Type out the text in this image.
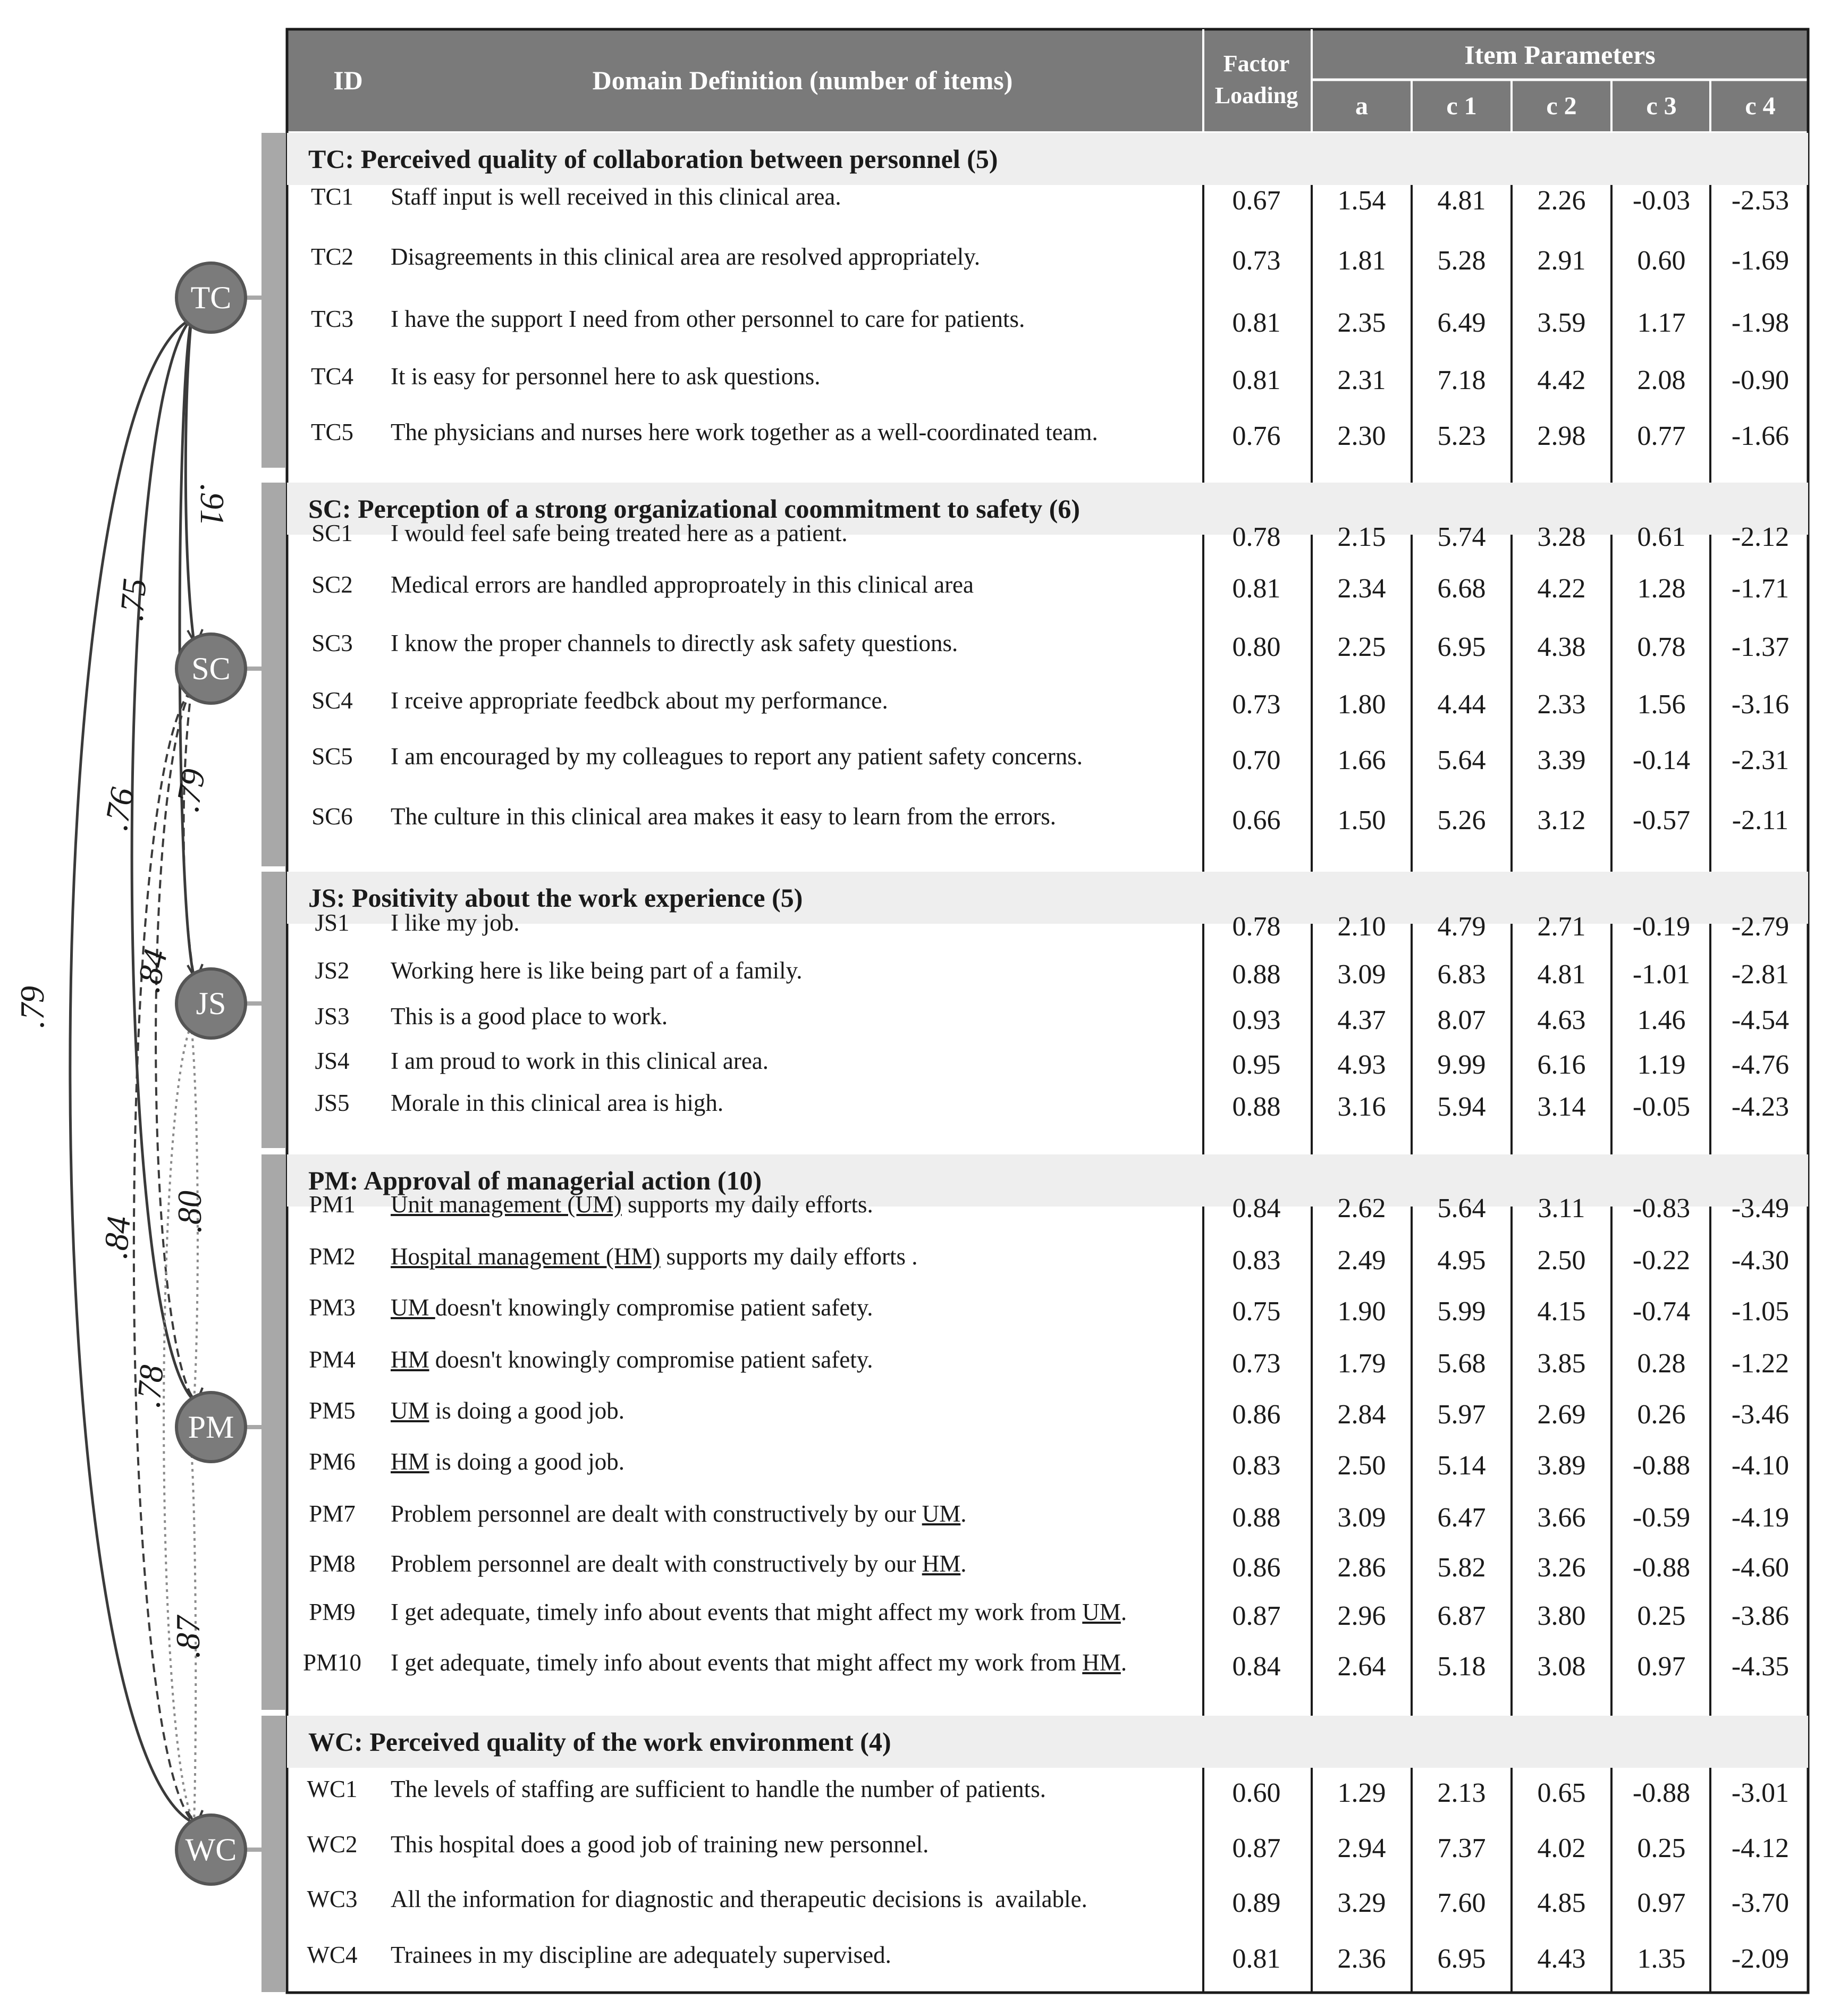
.91
.75
.76
.79
.79
.84
.84
.80
.78
.87
TC
SC
JS
PM
WC
ID	Domain Definition (number of items)
Factor Loading
Item Parameters
a	c 1	c 2	c 3	c 4
TC: Perceived quality of collaboration between personnel (5)
TC1	Staff input is well received in this clinical area.	0.67	1.54	4.81	2.26	-0.03	-2.53
TC2	Disagreements in this clinical area are resolved appropriately.	0.73	1.81	5.28	2.91	0.60	-1.69
TC3	I have the support I need from other personnel to care for patients.	0.81	2.35	6.49	3.59	1.17	-1.98
TC4	It is easy for personnel here to ask questions.	0.81	2.31	7.18	4.42	2.08	-0.90
TC5	The physicians and nurses here work together as a well-coordinated team.	0.76	2.30	5.23	2.98	0.77	-1.66
SC: Perception of a strong organizational coommitment to safety (6)
SC1	I would feel safe being treated here as a patient.	0.78	2.15	5.74	3.28	0.61	-2.12
SC2	Medical errors are handled approproately in this clinical area	0.81	2.34	6.68	4.22	1.28	-1.71
SC3	I know the proper channels to directly ask safety questions.	0.80	2.25	6.95	4.38	0.78	-1.37
SC4	I rceive appropriate feedbck about my performance.	0.73	1.80	4.44	2.33	1.56	-3.16
SC5	I am encouraged by my colleagues to report any patient safety concerns.	0.70	1.66	5.64	3.39	-0.14	-2.31
SC6	The culture in this clinical area makes it easy to learn from the errors.	0.66	1.50	5.26	3.12	-0.57	-2.11
JS: Positivity about the work experience (5)
JS1	I like my job.	0.78	2.10	4.79	2.71	-0.19	-2.79
JS2	Working here is like being part of a family.	0.88	3.09	6.83	4.81	-1.01	-2.81
JS3	This is a good place to work.	0.93	4.37	8.07	4.63	1.46	-4.54
JS4	I am proud to work in this clinical area.	0.95	4.93	9.99	6.16	1.19	-4.76
JS5	Morale in this clinical area is high.	0.88	3.16	5.94	3.14	-0.05	-4.23
PM: Approval of managerial action (10)
PM1	Unit management (UM) supports my daily efforts.	0.84	2.62	5.64	3.11	-0.83	-3.49
PM2	Hospital management (HM) supports my daily efforts .	0.83	2.49	4.95	2.50	-0.22	-4.30
PM3	UM doesn't knowingly compromise patient safety.	0.75	1.90	5.99	4.15	-0.74	-1.05
PM4	HM doesn't knowingly compromise patient safety.	0.73	1.79	5.68	3.85	0.28	-1.22
PM5	UM is doing a good job.	0.86	2.84	5.97	2.69	0.26	-3.46
PM6	HM is doing a good job.	0.83	2.50	5.14	3.89	-0.88	-4.10
PM7	Problem personnel are dealt with constructively by our UM.	0.88	3.09	6.47	3.66	-0.59	-4.19
PM8	Problem personnel are dealt with constructively by our HM.	0.86	2.86	5.82	3.26	-0.88	-4.60
PM9	I get adequate, timely info about events that might affect my work from UM.	0.87	2.96	6.87	3.80	0.25	-3.86
PM10	I get adequate, timely info about events that might affect my work from HM.	0.84	2.64	5.18	3.08	0.97	-4.35
WC: Perceived quality of the work environment (4)
WC1	The levels of staffing are sufficient to handle the number of patients.	0.60	1.29	2.13	0.65	-0.88	-3.01
WC2	This hospital does a good job of training new personnel.	0.87	2.94	7.37	4.02	0.25	-4.12
WC3	All the information for diagnostic and therapeutic decisions is  available.	0.89	3.29	7.60	4.85	0.97	-3.70
WC4	Trainees in my discipline are adequately supervised.	0.81	2.36	6.95	4.43	1.35	-2.09
